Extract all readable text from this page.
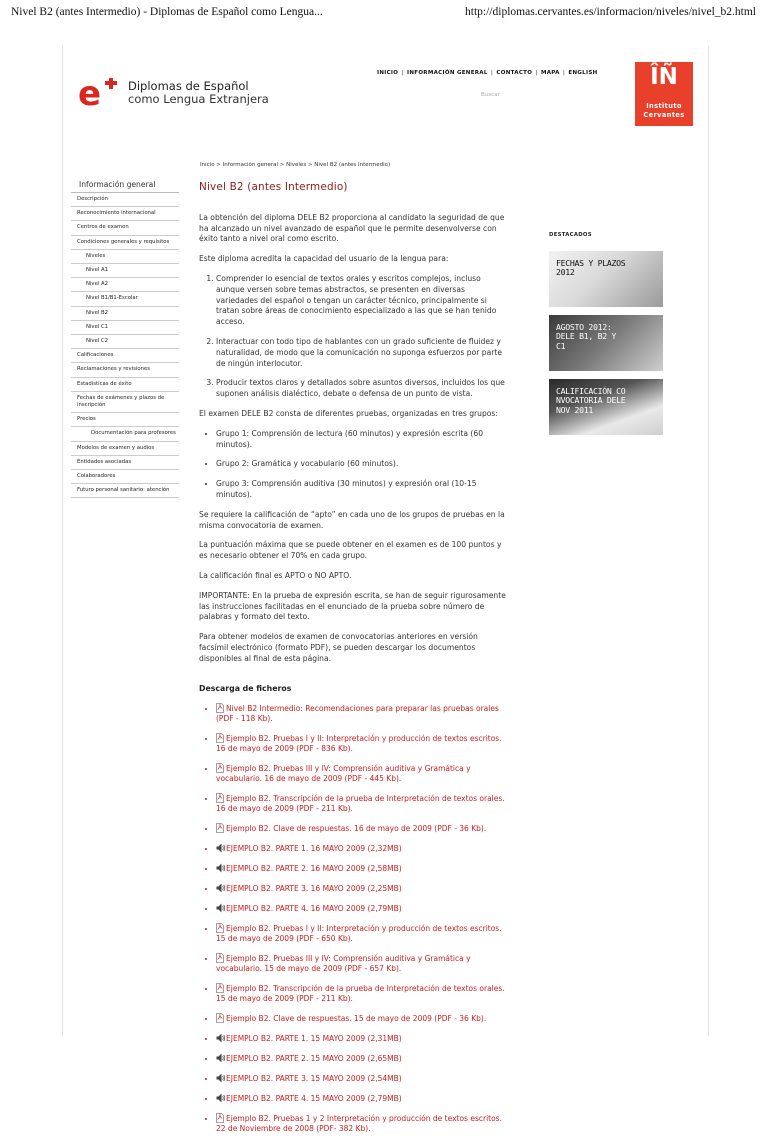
Nivel B2 (antes Intermedio) - Diplomas de Español como Lengua...	http://diplomas.cervantes.es/informacion/niveles/nivel_b2.html
e Diplomas de Español
como Lengua Extranjera
INICIO | INFORMACIÓN GENERAL | CONTACTO | MAPA | ENGLISH
Buscar
ÎÑ
Instituto
Cervantes
Inicio > Información general > Niveles > Nivel B2 (antes Intermedio)
Información general
Descripción
Reconocimiento internacional
Centros de examen
Condiciones generales y requisitos
Niveles
Nivel A1
Nivel A2
Nivel B1/B1-Escolar
Nivel B2
Nivel C1
Nivel C2
Calificaciones
Reclamaciones y revisiones
Estadísticas de éxito
Fechas de exámenes y plazos de inscripción
Precios
Documentación para profesores
Modelos de examen y audios
Entidades asociadas
Colaboradores
Futuro personal sanitario: atención
Nivel B2 (antes Intermedio)

La obtención del diploma DELE B2 proporciona al candidato la seguridad de que ha alcanzado un nivel avanzado de español que le permite desenvolverse con éxito tanto a nivel oral como escrito.

Este diploma acredita la capacidad del usuario de la lengua para:

1. Comprender lo esencial de textos orales y escritos complejos, incluso aunque versen sobre temas abstractos, se presenten en diversas variedades del español o tengan un carácter técnico, principalmente si tratan sobre áreas de conocimiento especializado a las que se han tenido acceso.
2. Interactuar con todo tipo de hablantes con un grado suficiente de fluidez y naturalidad, de modo que la comunicación no suponga esfuerzos por parte de ningún interlocutor.
3. Producir textos claros y detallados sobre asuntos diversos, incluidos los que suponen análisis dialéctico, debate o defensa de un punto de vista.

El examen DELE B2 consta de diferentes pruebas, organizadas en tres grupos:

• Grupo 1: Comprensión de lectura (60 minutos) y expresión escrita (60 minutos).
• Grupo 2: Gramática y vocabulario (60 minutos).
• Grupo 3: Comprensión auditiva (30 minutos) y expresión oral (10-15 minutos).

Se requiere la calificación de “apto” en cada uno de los grupos de pruebas en la misma convocatoria de examen.

La puntuación máxima que se puede obtener en el examen es de 100 puntos y es necesario obtener el 70% en cada grupo.

La calificación final es APTO o NO APTO.

IMPORTANTE: En la prueba de expresión escrita, se han de seguir rigurosamente las instrucciones facilitadas en el enunciado de la prueba sobre número de palabras y formato del texto.

Para obtener modelos de examen de convocatorias anteriores en versión facsímil electrónico (formato PDF), se pueden descargar los documentos disponibles al final de esta página.

Descarga de ficheros
• Nivel B2 Intermedio: Recomendaciones para preparar las pruebas orales (PDF - 118 Kb).
• Ejemplo B2. Pruebas I y II: Interpretación y producción de textos escritos. 16 de mayo de 2009 (PDF - 836 Kb).
• Ejemplo B2. Pruebas III y IV: Comprensión auditiva y Gramática y vocabulario. 16 de mayo de 2009 (PDF - 445 Kb).
• Ejemplo B2. Transcripción de la prueba de Interpretación de textos orales. 16 de mayo de 2009 (PDF - 211 Kb).
• Ejemplo B2. Clave de respuestas. 16 de mayo de 2009 (PDF - 36 Kb).
• EJEMPLO B2. PARTE 1. 16 MAYO 2009 (2,32MB)
• EJEMPLO B2. PARTE 2. 16 MAYO 2009 (2,58MB)
• EJEMPLO B2. PARTE 3. 16 MAYO 2009 (2,25MB)
• EJEMPLO B2. PARTE 4. 16 MAYO 2009 (2,79MB)
• Ejemplo B2. Pruebas I y II: Interpretación y producción de textos escritos. 15 de mayo de 2009 (PDF - 650 Kb).
• Ejemplo B2. Pruebas III y IV: Comprensión auditiva y Gramática y vocabulario. 15 de mayo de 2009 (PDF - 657 Kb).
• Ejemplo B2. Transcripción de la prueba de Interpretación de textos orales. 15 de mayo de 2009 (PDF - 211 Kb).
• Ejemplo B2. Clave de respuestas. 15 de mayo de 2009 (PDF - 36 Kb).
• EJEMPLO B2. PARTE 1. 15 MAYO 2009 (2,31MB)
• EJEMPLO B2. PARTE 2. 15 MAYO 2009 (2,65MB)
• EJEMPLO B2. PARTE 3. 15 MAYO 2009 (2,54MB)
• EJEMPLO B2. PARTE 4. 15 MAYO 2009 (2,79MB)
• Ejemplo B2. Pruebas 1 y 2 Interpretación y producción de textos escritos. 22 de Noviembre de 2008 (PDF- 382 Kb).
DESTACADOS
FECHAS Y PLAZOS 2012
AGOSTO 2012: DELE B1, B2 Y C1
CALIFICACIÓN CONVOCATORIA DELE NOV 2011
